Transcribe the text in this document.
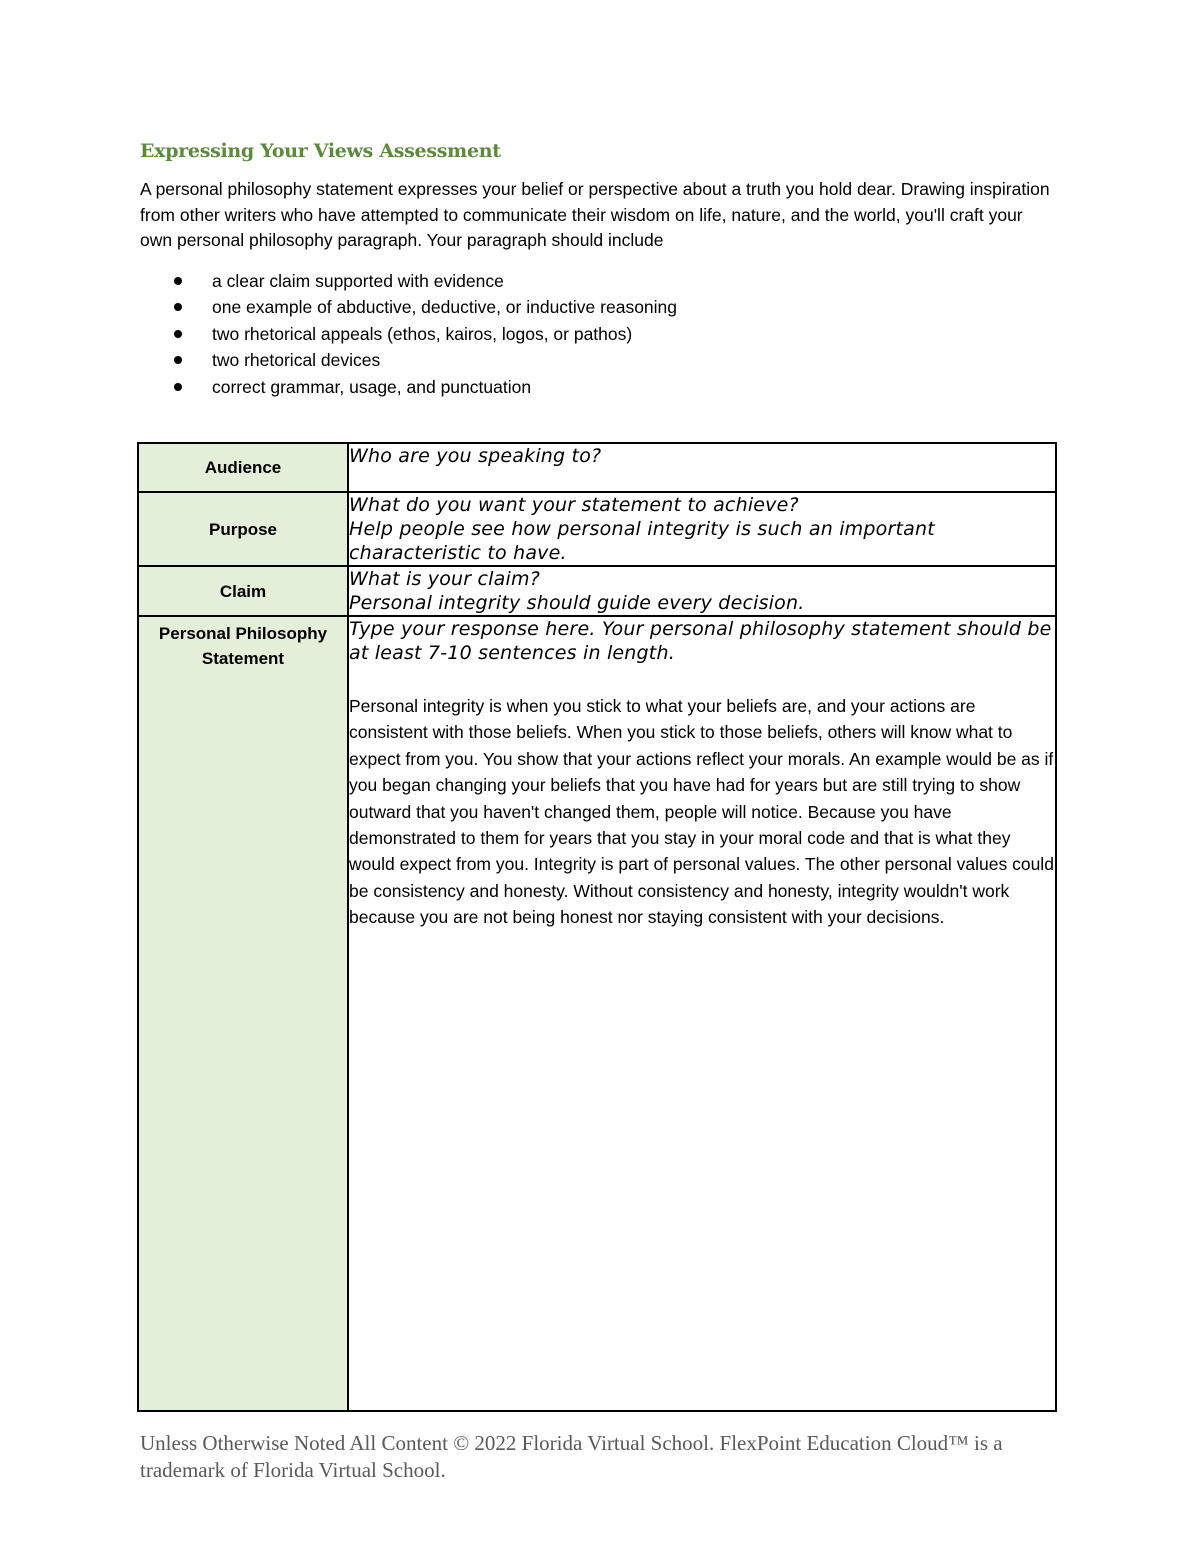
Expressing Your Views Assessment

A personal philosophy statement expresses your belief or perspective about a truth you hold dear. Drawing inspiration from other writers who have attempted to communicate their wisdom on life, nature, and the world, you'll craft your own personal philosophy paragraph. Your paragraph should include

a clear claim supported with evidence
one example of abductive, deductive, or inductive reasoning
two rhetorical appeals (ethos, kairos, logos, or pathos)
two rhetorical devices
correct grammar, usage, and punctuation
Audience	Who are you speaking to?

Purpose	What do you want your statement to achieve?

Help people see how personal integrity is such an important characteristic to have.

Claim	What is your claim?

Personal integrity should guide every decision.

Personal Philosophy Statement	Type your response here. Your personal philosophy statement should be at least 7-10 sentences in length.

Personal integrity is when you stick to what your beliefs are, and your actions are consistent with those beliefs. When you stick to those beliefs, others will know what to expect from you. You show that your actions reflect your morals. An example would be as if you began changing your beliefs that you have had for years but are still trying to show outward that you haven't changed them, people will notice. Because you have demonstrated to them for years that you stay in your moral code and that is what they would expect from you. Integrity is part of personal values. The other personal values could be consistency and honesty. Without consistency and honesty, integrity wouldn't work because you are not being honest nor staying consistent with your decisions.

Unless Otherwise Noted All Content © 2022 Florida Virtual School. FlexPoint Education Cloud™ is a trademark of Florida Virtual School.
